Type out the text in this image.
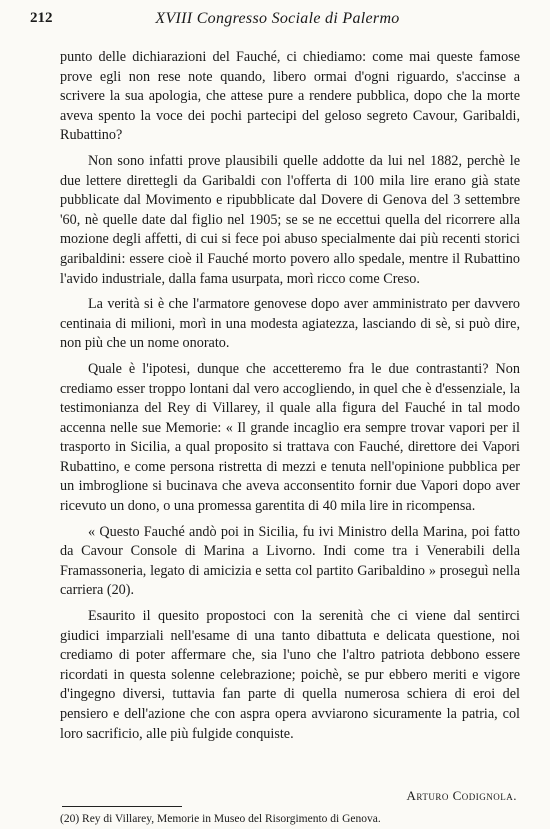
212	XVIII Congresso Sociale di Palermo

punto delle dichiarazioni del Fauché, ci chiediamo: come mai queste famose prove egli non rese note quando, libero ormai d'ogni riguardo, s'accinse a scrivere la sua apologia, che attese pure a rendere pubblica, dopo che la morte aveva spento la voce dei pochi partecipi del geloso segreto Cavour, Garibaldi, Rubattino?

Non sono infatti prove plausibili quelle addotte da lui nel 1882, perchè le due lettere direttegli da Garibaldi con l'offerta di 100 mila lire erano già state pubblicate dal Movimento e ripubblicate dal Dovere di Genova del 3 settembre '60, nè quelle date dal figlio nel 1905; se se ne eccettui quella del ricorrere alla mozione degli affetti, di cui si fece poi abuso specialmente dai più recenti storici garibaldini: essere cioè il Fauché morto povero allo spedale, mentre il Rubattino l'avido industriale, dalla fama usurpata, morì ricco come Creso.

La verità si è che l'armatore genovese dopo aver amministrato per davvero centinaia di milioni, morì in una modesta agiatezza, lasciando di sè, si può dire, non più che un nome onorato.

Quale è l'ipotesi, dunque che accetteremo fra le due contrastanti? Non crediamo esser troppo lontani dal vero accogliendo, in quel che è d'essenziale, la testimonianza del Rey di Villarey, il quale alla figura del Fauché in tal modo accenna nelle sue Memorie: « Il grande incaglio era sempre trovar vapori per il trasporto in Sicilia, a qual proposito si trattava con Fauché, direttore dei Vapori Rubattino, e come persona ristretta di mezzi e tenuta nell'opinione pubblica per un imbroglione si bucinava che aveva acconsentito fornir due Vapori dopo aver ricevuto un dono, o una promessa garentita di 40 mila lire in ricompensa.

« Questo Fauché andò poi in Sicilia, fu ivi Ministro della Marina, poi fatto da Cavour Console di Marina a Livorno. Indi come tra i Venerabili della Framassoneria, legato di amicizia e setta col partito Garibaldino » proseguì nella carriera (20).

Esaurito il quesito propostoci con la serenità che ci viene dal sentirci giudici imparziali nell'esame di una tanto dibattuta e delicata questione, noi crediamo di poter affermare che, sia l'uno che l'altro patriota debbono essere ricordati in questa solenne celebrazione; poichè, se pur ebbero meriti e vigore d'ingegno diversi, tuttavia fan parte di quella numerosa schiera di eroi del pensiero e dell'azione che con aspra opera avviarono sicuramente la patria, col loro sacrificio, alle più fulgide conquiste.

Arturo Codignola.
(20) Rey di Villarey, Memorie in Museo del Risorgimento di Genova.
